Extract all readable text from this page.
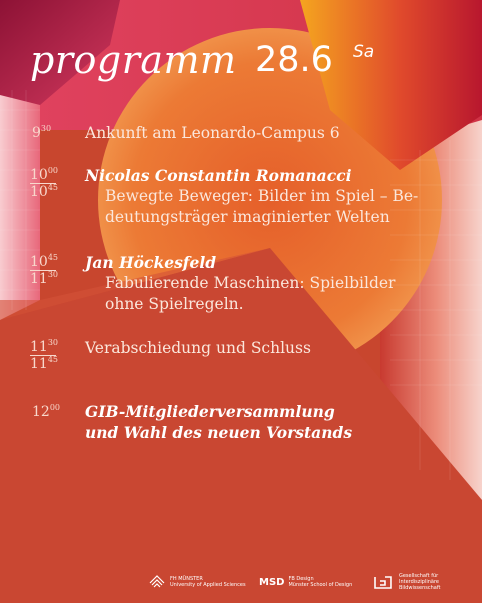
programm 28.6 Sa
$9^{30}$ Ankunft am Leonardo-Campus 6
$10^{00}$
$10^{45}$
Nicolas Constantin Romanacci
Bewegte Beweger: Bilder im Spiel – Be-
deutungsträger imaginierter Welten
$10^{45}$
$11^{30}$
Jan Höckesfeld
Fabulierende Maschinen: Spielbilder
ohne Spielregeln.
$11^{30}$
$11^{45}$
Verabschiedung und Schluss
$12^{00}$ GIB-Mitgliederversammlung
und Wahl des neuen Vorstands
FH MÜNSTER
University of Applied Sciences MSD FB Design
Münster School of Design
Gesellschaft für
Interdisziplinäre Bildwissenschaft
